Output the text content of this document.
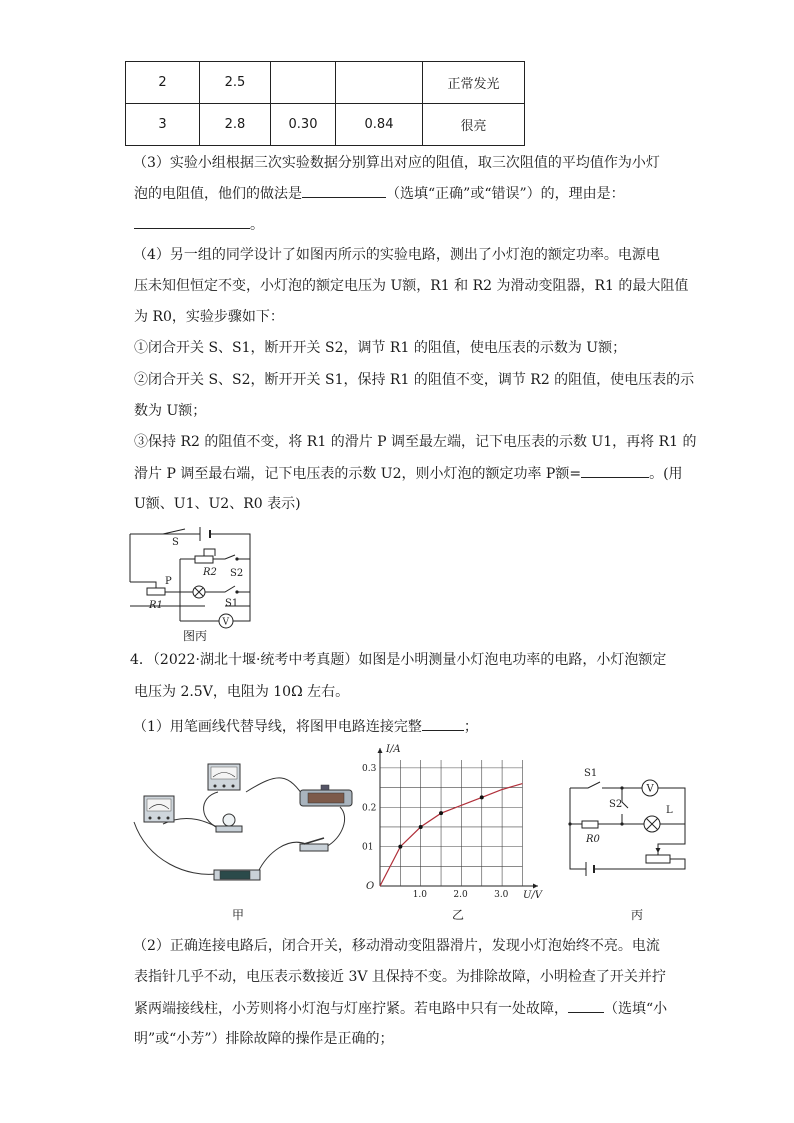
2	2.5			正常发光
3	2.8	0.30	0.84	很亮
（3）实验小组根据三次实验数据分别算出对应的阻值，取三次阻值的平均值作为小灯
泡的电阻值，他们的做法是	（选填“正确”或“错误”）的，理由是：
。
（4）另一组的同学设计了如图丙所示的实验电路，测出了小灯泡的额定功率。电源电
压未知但恒定不变，小灯泡的额定电压为 U额，R1 和 R2 为滑动变阻器，R1 的最大阻值
为 R0，实验步骤如下：
①闭合开关 S、S1，断开开关 S2，调节 R1 的阻值，使电压表的示数为 U额；
②闭合开关 S、S2，断开开关 S1，保持 R1 的阻值不变，调节 R2 的阻值，使电压表的示
数为 U额；
③保持 R2 的阻值不变，将 R1 的滑片 P 调至最左端，记下电压表的示数 U1，再将 R1 的
滑片 P 调至最右端，记下电压表的示数 U2，则小灯泡的额定功率 P额=	。(用
U额、U1、U2、R0 表示)
S
P
R1
R2 S2
S1
V
图丙
4．（2022·湖北十堰·统考中考真题）如图是小明测量小灯泡电功率的电路，小灯泡额定
电压为 2.5V，电阻为 10Ω 左右。
（1）用笔画线代替导线，将图甲电路连接完整	；
甲
I/A
U/V
O
1.0	2.0	3.0
01
0.2
0.3
乙
S1
S2
V
L
R0
丙
（2）正确连接电路后，闭合开关，移动滑动变阻器滑片，发现小灯泡始终不亮。电流
表指针几乎不动，电压表示数接近 3V 且保持不变。为排除故障，小明检查了开关并拧
紧两端接线柱，小芳则将小灯泡与灯座拧紧。若电路中只有一处故障，	（选填“小
明”或“小芳”）排除故障的操作是正确的；
